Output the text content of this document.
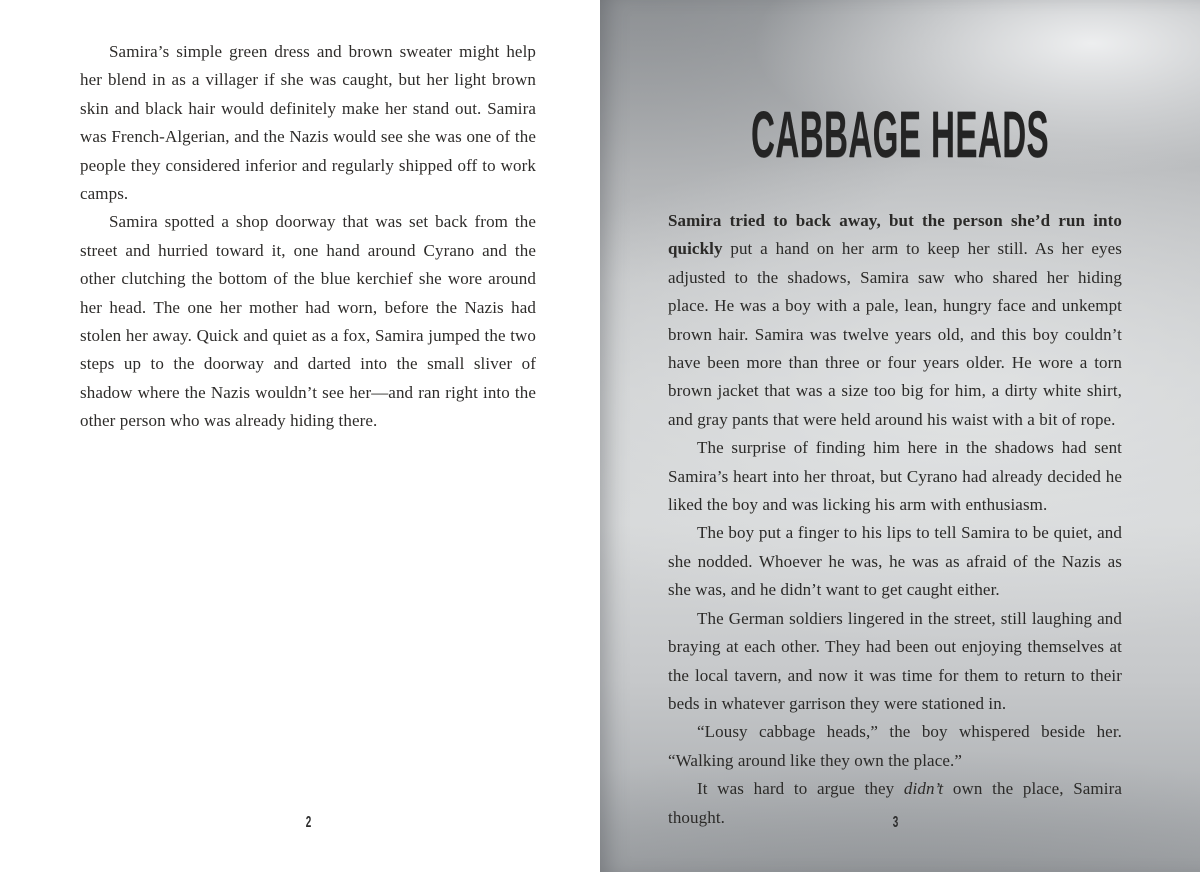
Samira’s simple green dress and brown sweater might help her blend in as a villager if she was caught, but her light brown skin and black hair would definitely make her stand out. Samira was French-Algerian, and the Nazis would see she was one of the people they considered inferior and regularly shipped off to work camps.

Samira spotted a shop doorway that was set back from the street and hurried toward it, one hand around Cyrano and the other clutching the bottom of the blue kerchief she wore around her head. The one her mother had worn, before the Nazis had stolen her away. Quick and quiet as a fox, Samira jumped the two steps up to the doorway and darted into the small sliver of shadow where the Nazis wouldn’t see her—and ran right into the other person who was already hiding there.

2
CABBAGE HEADS

Samira tried to back away, but the person she’d run into quickly put a hand on her arm to keep her still. As her eyes adjusted to the shadows, Samira saw who shared her hiding place. He was a boy with a pale, lean, hungry face and unkempt brown hair. Samira was twelve years old, and this boy couldn’t have been more than three or four years older. He wore a torn brown jacket that was a size too big for him, a dirty white shirt, and gray pants that were held around his waist with a bit of rope.

The surprise of finding him here in the shadows had sent Samira’s heart into her throat, but Cyrano had already decided he liked the boy and was licking his arm with enthusiasm.

The boy put a finger to his lips to tell Samira to be quiet, and she nodded. Whoever he was, he was as afraid of the Nazis as she was, and he didn’t want to get caught either.

The German soldiers lingered in the street, still laughing and braying at each other. They had been out enjoying themselves at the local tavern, and now it was time for them to return to their beds in whatever garrison they were stationed in.

“Lousy cabbage heads,” the boy whispered beside her. “Walking around like they own the place.”

It was hard to argue they didn’t own the place, Samira thought.	3
